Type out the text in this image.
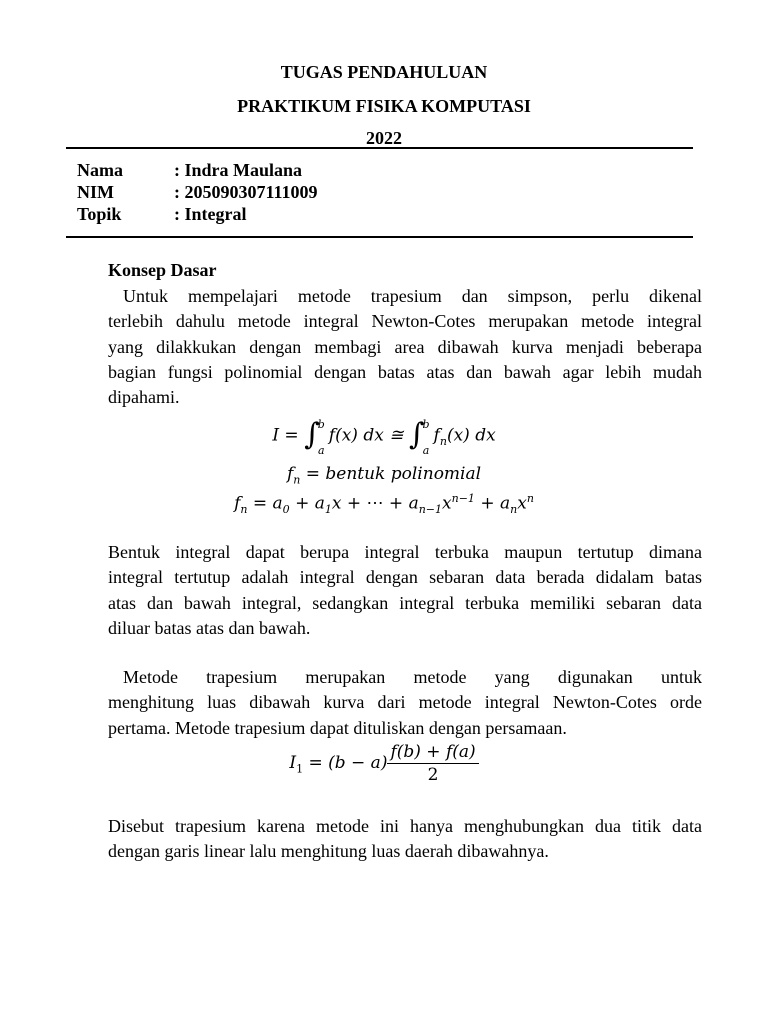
TUGAS PENDAHULUAN
PRAKTIKUM FISIKA KOMPUTASI
2022
Nama	: Indra Maulana
NIM	: 205090307111009
Topik	: Integral
Konsep Dasar
Untuk mempelajari metode trapesium dan simpson, perlu dikenal
terlebih dahulu metode integral Newton-Cotes merupakan metode integral
yang dilakkukan dengan membagi area dibawah kurva menjadi beberapa
bagian fungsi polinomial dengan batas atas dan bawah agar lebih mudah
dipahami.
I = ∫
b
a
f(x) dx ≅ ∫
b
a
$f_n(x)$ dx
$f_n$ = bentuk polinomial
$f_n = a_0 + a_1x$ + ⋯ + $a_{n-1}x^{n-1} + a_nx^n$
Bentuk integral dapat berupa integral terbuka maupun tertutup dimana
integral tertutup adalah integral dengan sebaran data berada didalam batas
atas dan bawah integral, sedangkan integral terbuka memiliki sebaran data
diluar batas atas dan bawah.
Metode trapesium merupakan metode yang digunakan untuk
menghitung luas dibawah kurva dari metode integral Newton-Cotes orde
pertama. Metode trapesium dapat dituliskan dengan persamaan.
$I_1 = (b - a) \frac{f(b) + f(a)}{2}$
Disebut trapesium karena metode ini hanya menghubungkan dua titik data
dengan garis linear lalu menghitung luas daerah dibawahnya.
